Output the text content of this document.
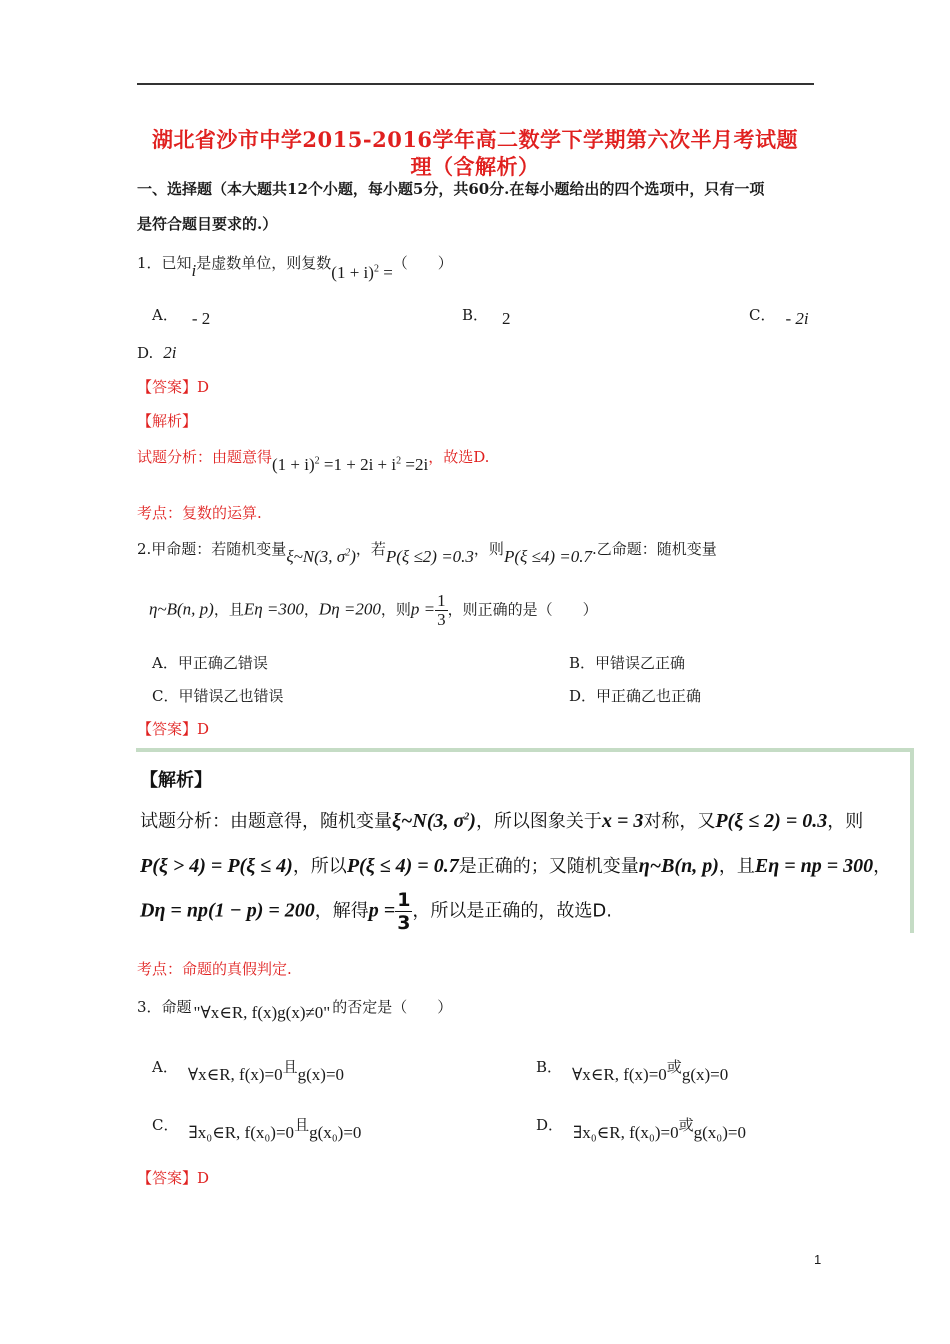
湖北省沙市中学2015-2016学年高二数学下学期第六次半月考试题
理（含解析）
一、选择题（本大题共12个小题，每小题5分，共60分.在每小题给出的四个选项中，只有一项
是符合题目要求的.）
1．已知i是虚数单位，则复数$(1 + i)^2$ =（　　）
A． - 2	B． 2	C． - 2i
D. 2i
【答案】D
【解析】
试题分析：由题意得$(1 + i)^2 =1 + 2i + i^2 =2i$，故选D.
考点：复数的运算.
2.甲命题：若随机变量ξ~N(3, $\sigma^2$)，若P(ξ ≤2) =0.3，则P(ξ ≤4) =0.7.乙命题：随机变量
η~B(n, p)，且Eη =300，Dη =200，则$p = \frac{1}{3}$ ，则正确的是（　　）
A．甲正确乙错误	B．甲错误乙正确
C．甲错误乙也错误	D．甲正确乙也正确
【答案】D
【解析】
试题分析：由题意得，随机变量ξ~N(3, $\sigma^2$)，所以图象关于x = 3对称，又P(ξ ≤ 2) = 0.3，则
P(ξ > 4) = P(ξ ≤ 4)，所以P(ξ ≤ 4) = 0.7是正确的；又随机变量η~B(n, p)，且Eη = np = 300，
Dη = np(1 − p) = 200，解得$p = \frac{1}{3}$ ，所以是正确的，故选D.
考点：命题的真假判定.
3．命题 "∀x∈R, f(x)g(x)≠0" 的否定是（　　）
A． ∀x∈R, f(x)=0且g(x)=0	B． ∀x∈R, f(x)=0或g(x)=0
C． ∃x₀∈R, f(x₀)=0且g(x₀)=0	D． ∃x₀∈R, f(x₀)=0或g(x₀)=0
【答案】D
1
